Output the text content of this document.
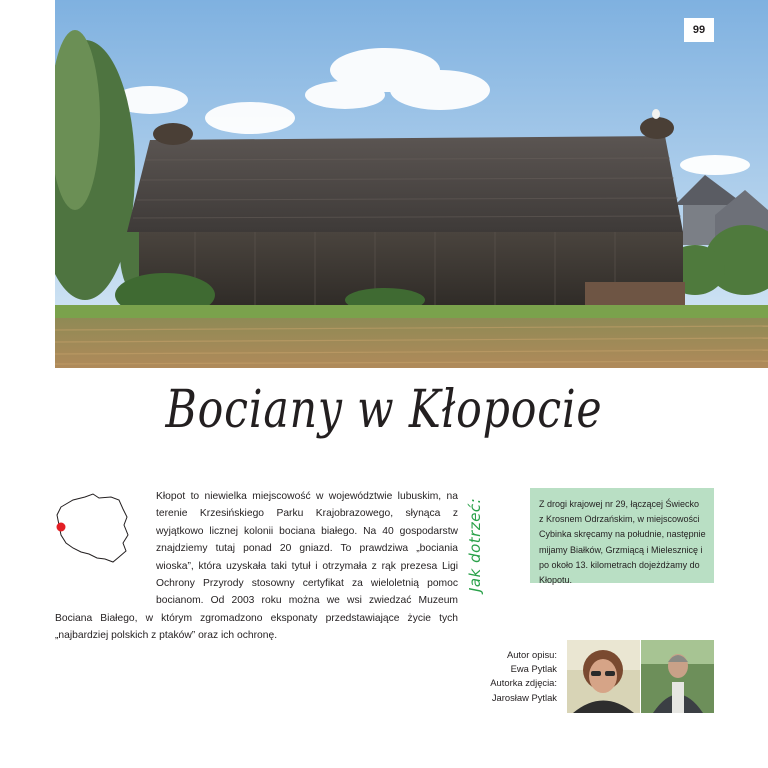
99
Bociany w Kłopocie

Kłopot to niewielka miejscowość w województwie lubuskim, na terenie Krzesińskiego Parku Krajobrazowego, słynąca z wyjątkowo licznej kolonii bociana białego. Na 40 gospodarstw znajdziemy tutaj ponad 20 gniazd. To prawdziwa „bociania wioska”, która uzyskała taki tytuł i otrzymała z rąk prezesa Ligi Ochrony Przyrody stosowny certyfikat za wieloletnią pomoc bocianom. Od 2003 roku można we wsi zwiedzać Muzeum Bociana Białego, w którym zgromadzono eksponaty przedstawiające życie tych „najbardziej polskich z ptaków” oraz ich ochronę.

Jak dotrzeć:	Z drogi krajowej nr 29, łączącej Świecko z Krosnem Odrzańskim, w miejscowości Cybinka skręcamy na południe, następnie mijamy Białków, Grzmiącą i Mielesznicę i po około 13. kilometrach dojeżdżamy do Kłopotu.
Autor opisu:
Ewa Pytlak
Autorka zdjęcia:
Jarosław Pytlak
